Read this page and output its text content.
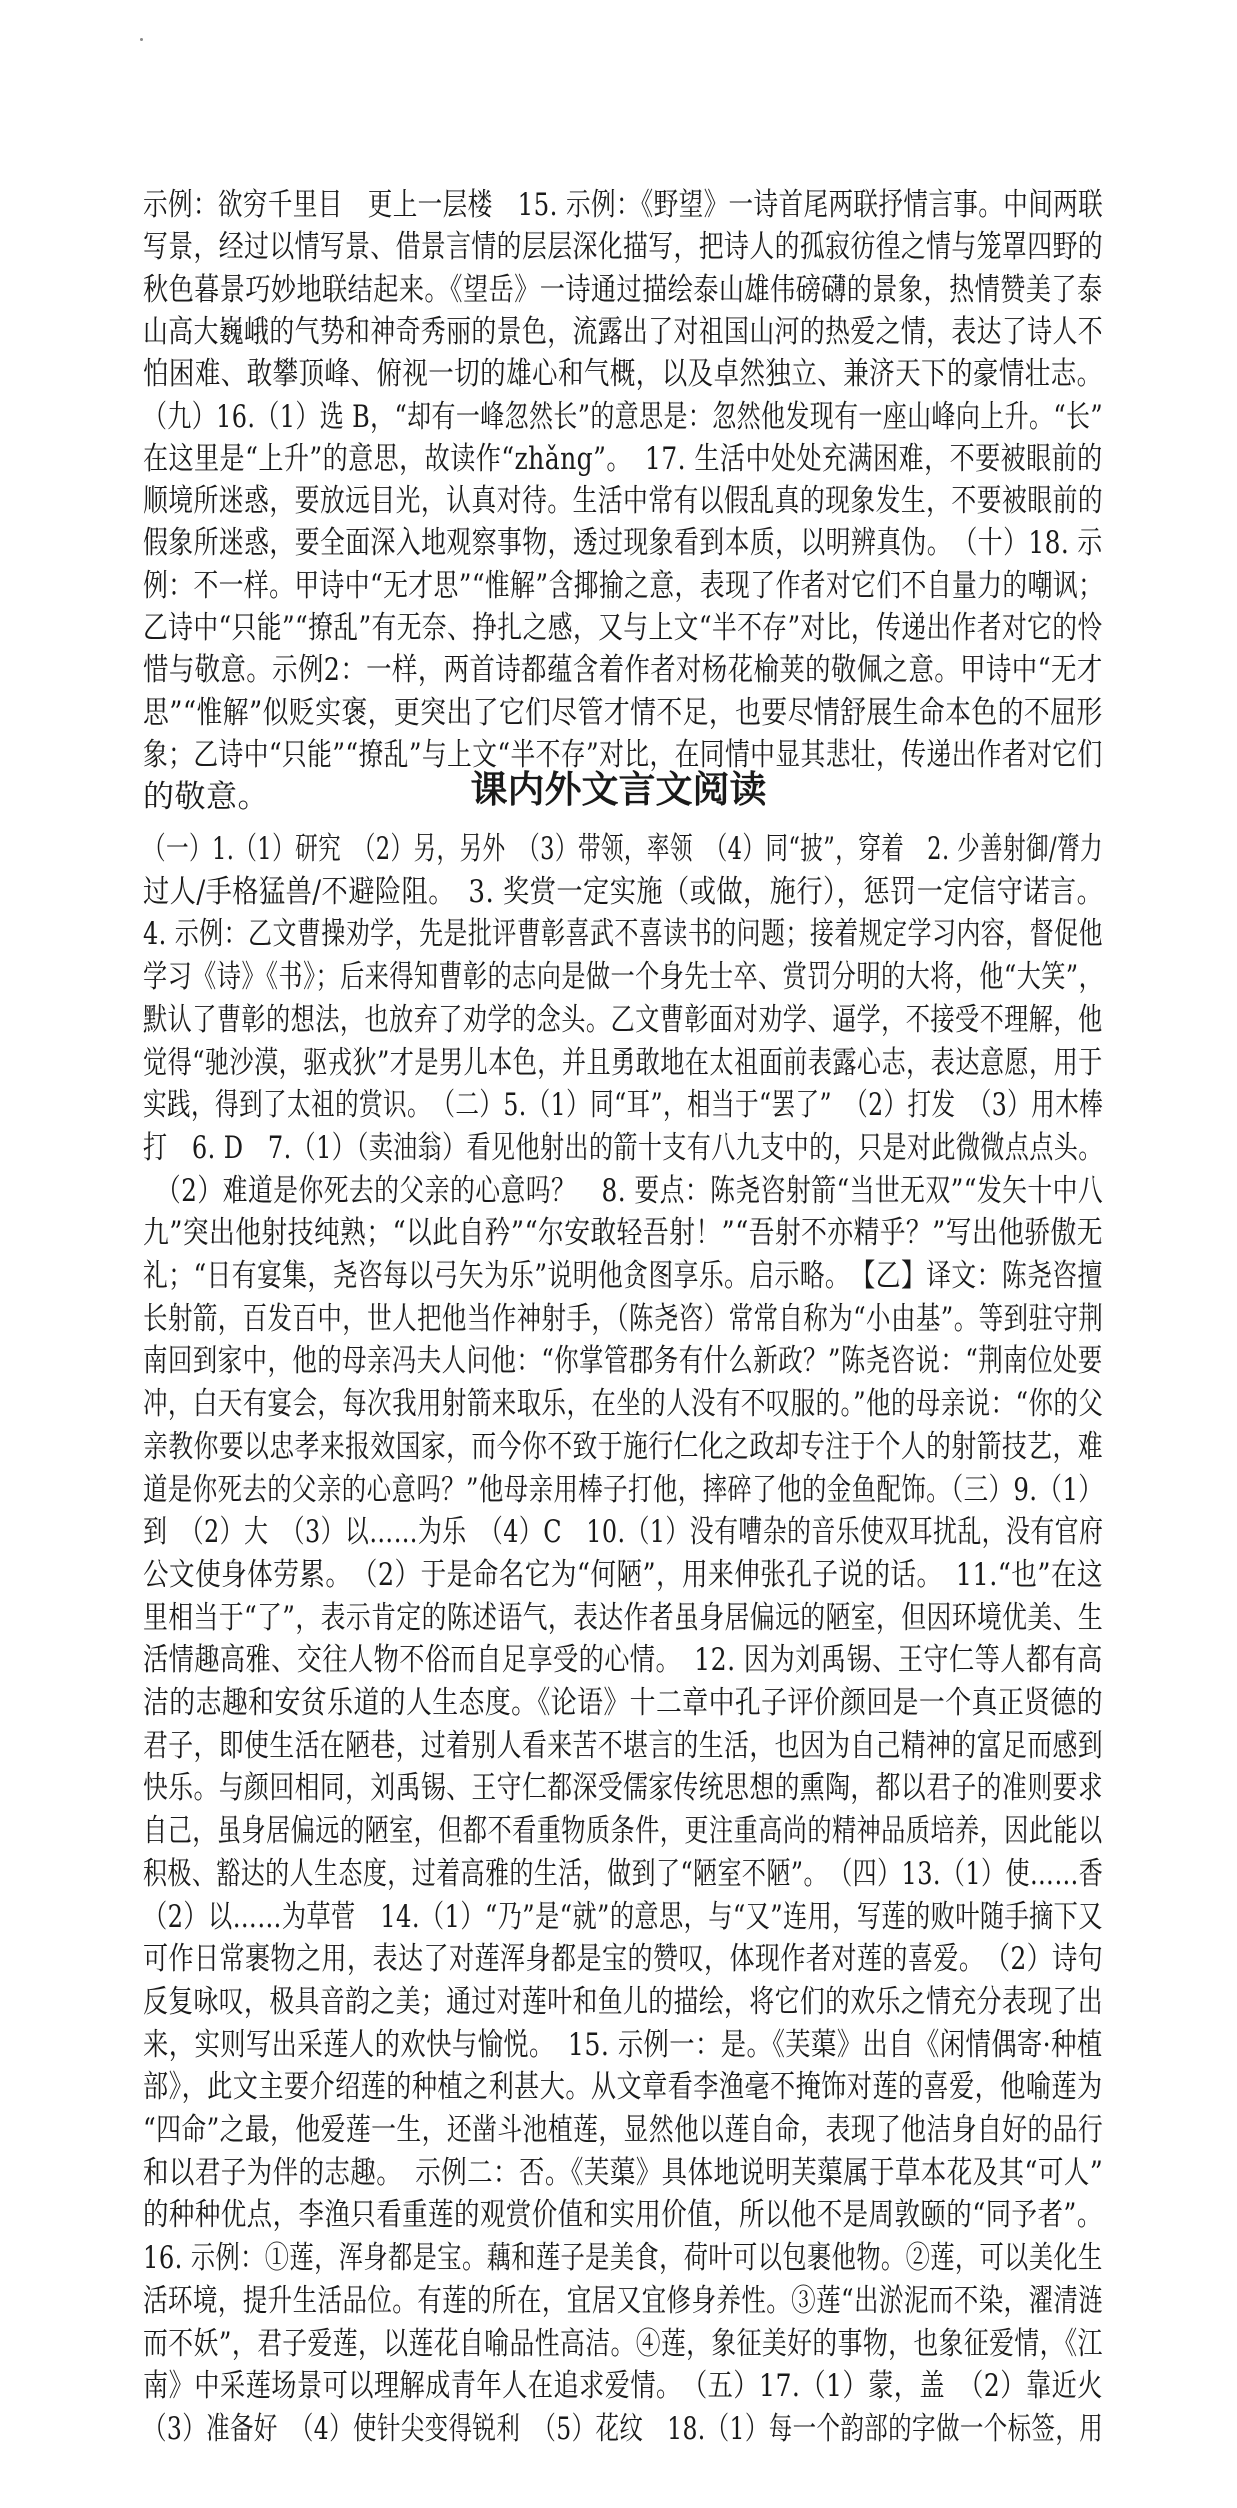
示例：欲穷千里目　更上一层楼　15. 示例：《野望》一诗首尾两联抒情言事。中间两联
写景，经过以情写景、借景言情的层层深化描写，把诗人的孤寂彷徨之情与笼罩四野的
秋色暮景巧妙地联结起来。《望岳》一诗通过描绘泰山雄伟磅礴的景象，热情赞美了泰
山高大巍峨的气势和神奇秀丽的景色，流露出了对祖国山河的热爱之情，表达了诗人不
怕困难、敢攀顶峰、俯视一切的雄心和气概，以及卓然独立、兼济天下的豪情壮志。
（九）16.（1）选 B，“却有一峰忽然长”的意思是：忽然他发现有一座山峰向上升。“长”
在这里是“上升”的意思，故读作“zhǎng”。　17. 生活中处处充满困难，不要被眼前的
顺境所迷惑，要放远目光，认真对待。生活中常有以假乱真的现象发生，不要被眼前的
假象所迷惑，要全面深入地观察事物，透过现象看到本质，以明辨真伪。　（十）18. 示
例：不一样。甲诗中“无才思”“惟解”含揶揄之意，表现了作者对它们不自量力的嘲讽；
乙诗中“只能”“撩乱”有无奈、挣扎之感，又与上文“半不存”对比，传递出作者对它的怜
惜与敬意。示例2：一样，两首诗都蕴含着作者对杨花榆荚的敬佩之意。甲诗中“无才
思”“惟解”似贬实褒，更突出了它们尽管才情不足，也要尽情舒展生命本色的不屈形
象；乙诗中“只能”“撩乱”与上文“半不存”对比，在同情中显其悲壮，传递出作者对它们
的敬意。	课内外文言文阅读
（一）1.（1）研究　（2）另，另外　（3）带领，率领　（4）同“披”，穿着　2. 少善射御/膂力
过人/手格猛兽/不避险阻。　3. 奖赏一定实施（或做，施行），惩罚一定信守诺言。
4. 示例：乙文曹操劝学，先是批评曹彰喜武不喜读书的问题；接着规定学习内容，督促他
学习《诗》《书》；后来得知曹彰的志向是做一个身先士卒、赏罚分明的大将，他“大笑”，
默认了曹彰的想法，也放弃了劝学的念头。乙文曹彰面对劝学、逼学，不接受不理解，他
觉得“驰沙漠，驱戎狄”才是男儿本色，并且勇敢地在太祖面前表露心志，表达意愿，用于
实践，得到了太祖的赏识。　（二）5.（1）同“耳”，相当于“罢了”　（2）打发　（3）用木棒
打　6. D　7.（1）（卖油翁）看见他射出的箭十支有八九支中的，只是对此微微点点头。
　（2）难道是你死去的父亲的心意吗？　8. 要点：陈尧咨射箭“当世无双”“发矢十中八
九”突出他射技纯熟；“以此自矜”“尔安敢轻吾射！”“吾射不亦精乎？”写出他骄傲无
礼；“日有宴集，尧咨每以弓矢为乐”说明他贪图享乐。启示略。　【乙】译文：陈尧咨擅
长射箭，百发百中，世人把他当作神射手，（陈尧咨）常常自称为“小由基”。等到驻守荆
南回到家中，他的母亲冯夫人问他：“你掌管郡务有什么新政？”陈尧咨说：“荆南位处要
冲，白天有宴会，每次我用射箭来取乐，在坐的人没有不叹服的。”他的母亲说：“你的父
亲教你要以忠孝来报效国家，而今你不致于施行仁化之政却专注于个人的射箭技艺，难
道是你死去的父亲的心意吗？”他母亲用棒子打他，摔碎了他的金鱼配饰。（三）9.（1）
到　（2）大　（3）以……为乐　（4）C　10.（1）没有嘈杂的音乐使双耳扰乱，没有官府
公文使身体劳累。　（2）于是命名它为“何陋”，用来伸张孔子说的话。　11.“也”在这
里相当于“了”，表示肯定的陈述语气，表达作者虽身居偏远的陋室，但因环境优美、生
活情趣高雅、交往人物不俗而自足享受的心情。　12. 因为刘禹锡、王守仁等人都有高
洁的志趣和安贫乐道的人生态度。《论语》十二章中孔子评价颜回是一个真正贤德的
君子，即使生活在陋巷，过着别人看来苦不堪言的生活，也因为自己精神的富足而感到
快乐。与颜回相同，刘禹锡、王守仁都深受儒家传统思想的熏陶，都以君子的准则要求
自己，虽身居偏远的陋室，但都不看重物质条件，更注重高尚的精神品质培养，因此能以
积极、豁达的人生态度，过着高雅的生活，做到了“陋室不陋”。　（四）13.（1）使……香
（2）以……为草菅　14.（1）“乃”是“就”的意思，与“又”连用，写莲的败叶随手摘下又
可作日常裹物之用，表达了对莲浑身都是宝的赞叹，体现作者对莲的喜爱。　（2）诗句
反复咏叹，极具音韵之美；通过对莲叶和鱼儿的描绘，将它们的欢乐之情充分表现了出
来，实则写出采莲人的欢快与愉悦。　15. 示例一：是。《芙蕖》出自《闲情偶寄·种植
部》，此文主要介绍莲的种植之利甚大。从文章看李渔毫不掩饰对莲的喜爱，他喻莲为
“四命”之最，他爱莲一生，还凿斗池植莲，显然他以莲自命，表现了他洁身自好的品行
和以君子为伴的志趣。　示例二：否。《芙蕖》具体地说明芙蕖属于草本花及其“可人”
的种种优点，李渔只看重莲的观赏价值和实用价值，所以他不是周敦颐的“同予者”。
16. 示例：①莲，浑身都是宝。藕和莲子是美食，荷叶可以包裹他物。②莲，可以美化生
活环境，提升生活品位。有莲的所在，宜居又宜修身养性。③莲“出淤泥而不染，濯清涟
而不妖”，君子爱莲，以莲花自喻品性高洁。④莲，象征美好的事物，也象征爱情，《江
南》中采莲场景可以理解成青年人在追求爱情。　（五）17.（1）蒙，盖　（2）靠近火
（3）准备好　（4）使针尖变得锐利　（5）花纹　18.（1）每一个韵部的字做一个标签，用
